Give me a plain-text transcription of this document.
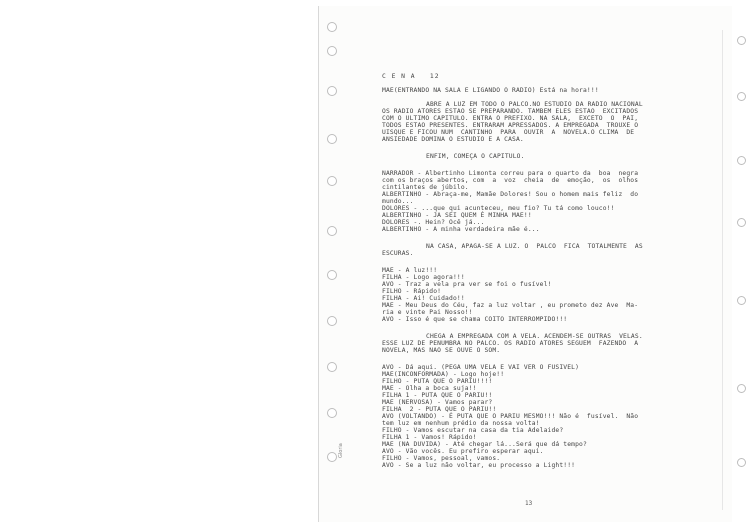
C E N A   12
MAE(ENTRANDO NA SALA E LIGANDO O RADIO) Está na hora!!!
ABRE A LUZ EM TODO O PALCO.NO ESTUDIO DA RADIO NACIONAL
OS RADIO ATORES ESTAO SE PREPARANDO. TAMBEM ELES ESTAO  EXCITADOS
COM O ULTIMO CAPITULO. ENTRA O PREFIXO. NA SALA,  EXCETO  O  PAI,
TODOS ESTAO PRESENTES. ENTRARAM APRESSADOS. A EMPREGADA  TROUXE O
UISQUE E FICOU NUM  CANTINHO  PARA  OUVIR  A  NOVELA.O CLIMA  DE
ANSIEDADE DOMINA O ESTUDIO E A CASA.
ENFIM, COMEÇA O CAPITULO.
NARRADOR - Albertinho Limonta correu para o quarto da  boa  negra
com os braços abertos, com  a  voz  cheia  de  emoção,  os  olhos
cintilantes de júbilo.
ALBERTINHO - Abraça-me, Mamãe Dolores! Sou o homem mais feliz  do
mundo...
DOLORES - ...que qui acunteceu, meu fio? Tu tá como louco!!
ALBERTINHO - JA SEI QUEM É MINHA MAE!!
DOLORES -. Hein? Ocê já...
ALBERTINHO - A minha verdadeira mãe é...
NA CASA, APAGA-SE A LUZ. O  PALCO  FICA  TOTALMENTE  AS
ESCURAS.
MAE - A luz!!!
FILHA - Logo agora!!!
AVO - Traz a vela pra ver se foi o fusível!
FILHO - Rápido!
FILHA - Ai! Cuidado!!
MAE - Meu Deus do Céu, faz a luz voltar , eu prometo dez Ave  Ma-
ria e vinte Pai Nosso!!
AVO - Isso é que se chama COITO INTERROMPIDO!!!
CHEGA A EMPREGADA COM A VELA. ACENDEM-SE OUTRAS  VELAS.
ESSE LUZ DE PENUMBRA NO PALCO. OS RADIO ATORES SEGUEM  FAZENDO  A
NOVELA, MAS NAO SE OUVE O SOM.
AVO - Dá aqui. (PEGA UMA VELA E VAI VER O FUSIVEL)
MAE(INCONFORMADA) - Logo hoje!!
FILHO - PUTA QUE O PARIU!!!!
MAE - Olha a boca suja!!
FILHA 1 - PUTA QUE O PARIU!!
MAE (NERVOSA) - Vamos parar?
FILHA  2 - PUTA QUE O PARIU!!
AVO (VOLTANDO) - É PUTA QUE O PARIU MESMO!!! Não é  fusível.  Não
tem luz em nenhum prédio da nossa volta!
FILHO - Vamos escutar na casa da tia Adelaide?
FILHA 1 - Vamos! Rápido!
MAE (NA DUVIDA) - Até chegar lá...Será que dá tempo?
AVO - Vão vocês. Eu prefiro esperar aqui.
FILHO - Vamos, pessoal, vamos.
AVO - Se a luz não voltar, eu processo a Light!!!
Gloria
13
